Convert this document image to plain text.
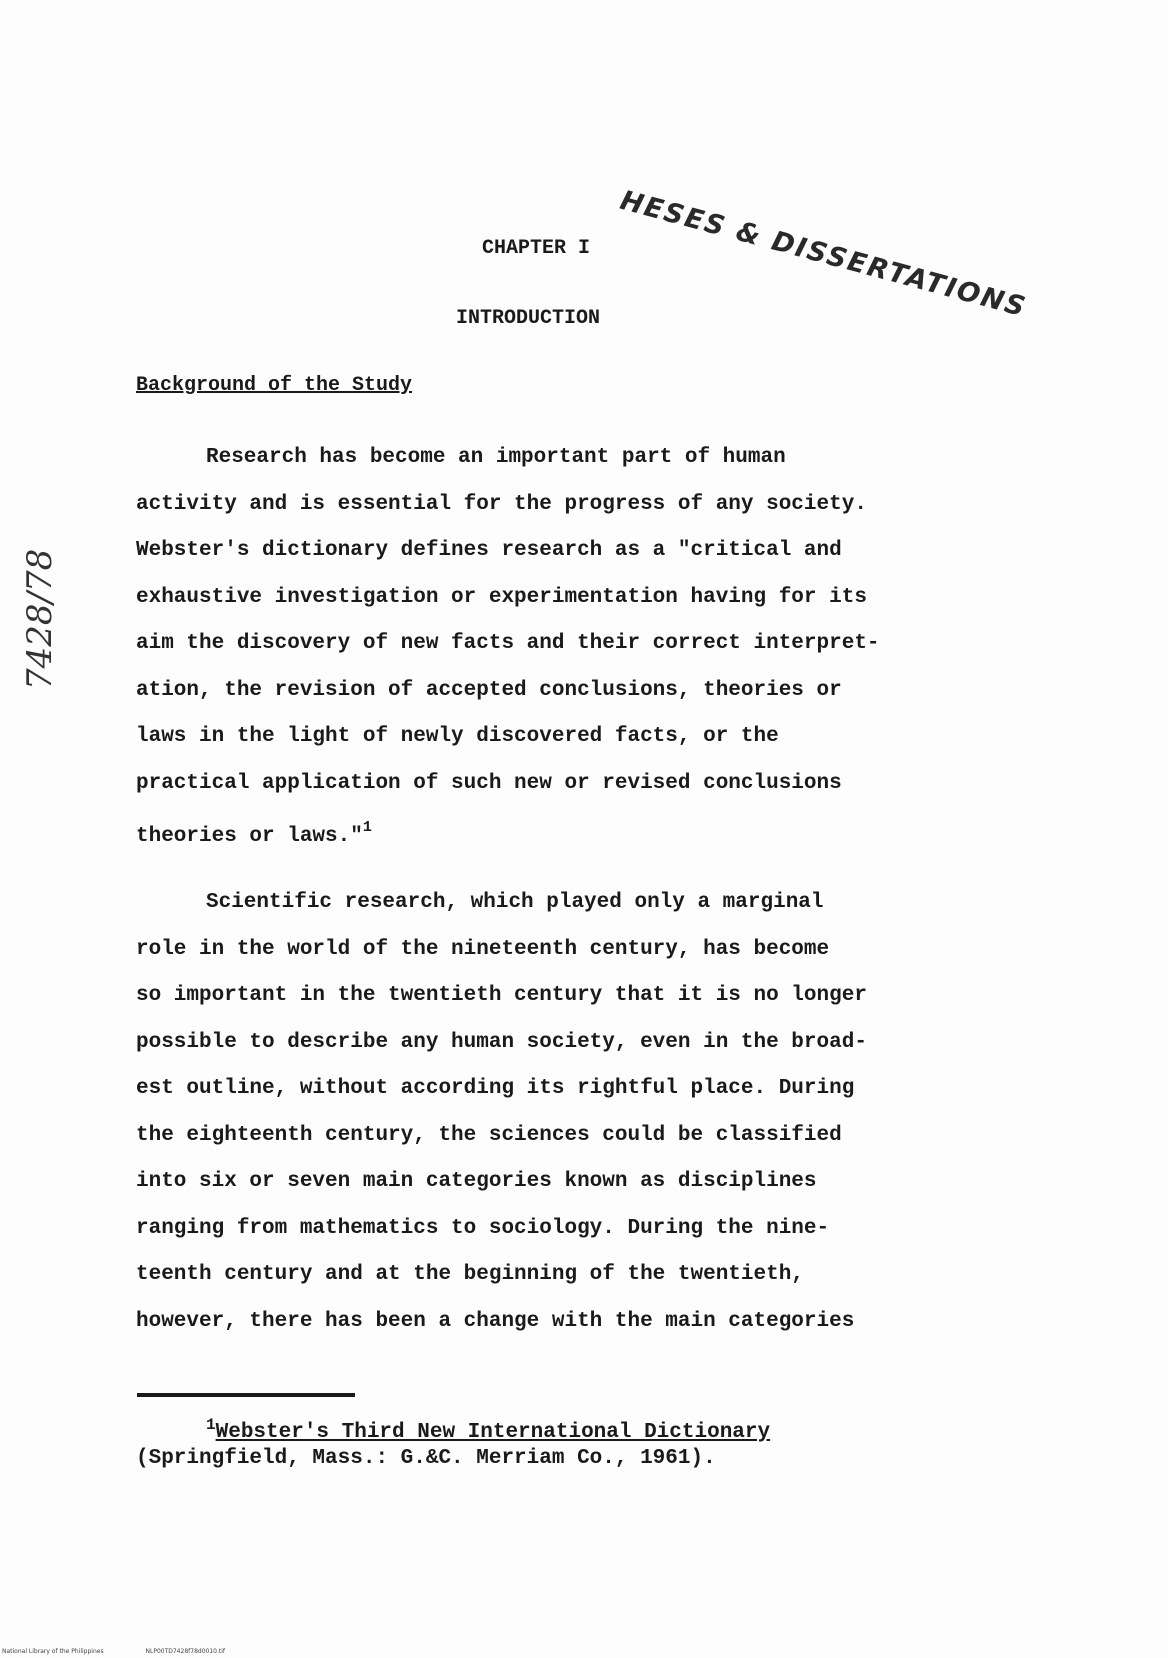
HESES & DISSERTATIONS
7428/78
CHAPTER I
INTRODUCTION
Background of the Study
Research has become an important part of human
activity and is essential for the progress of any society.
Webster's dictionary defines research as a "critical and
exhaustive investigation or experimentation having for its
aim the discovery of new facts and their correct interpret-
ation, the revision of accepted conclusions, theories or
laws in the light of newly discovered facts, or the
practical application of such new or revised conclusions
theories or laws."$^1$
Scientific research, which played only a marginal
role in the world of the nineteenth century, has become
so important in the twentieth century that it is no longer
possible to describe any human society, even in the broad-
est outline, without according its rightful place. During
the eighteenth century, the sciences could be classified
into six or seven main categories known as disciplines
ranging from mathematics to sociology. During the nine-
teenth century and at the beginning of the twentieth,
however, there has been a change with the main categories
$^1$Webster's Third New International Dictionary
(Springfield, Mass.: G.&C. Merriam Co., 1961).
National Library of the Philippines	NLP00TD7428f78d0010.tif
